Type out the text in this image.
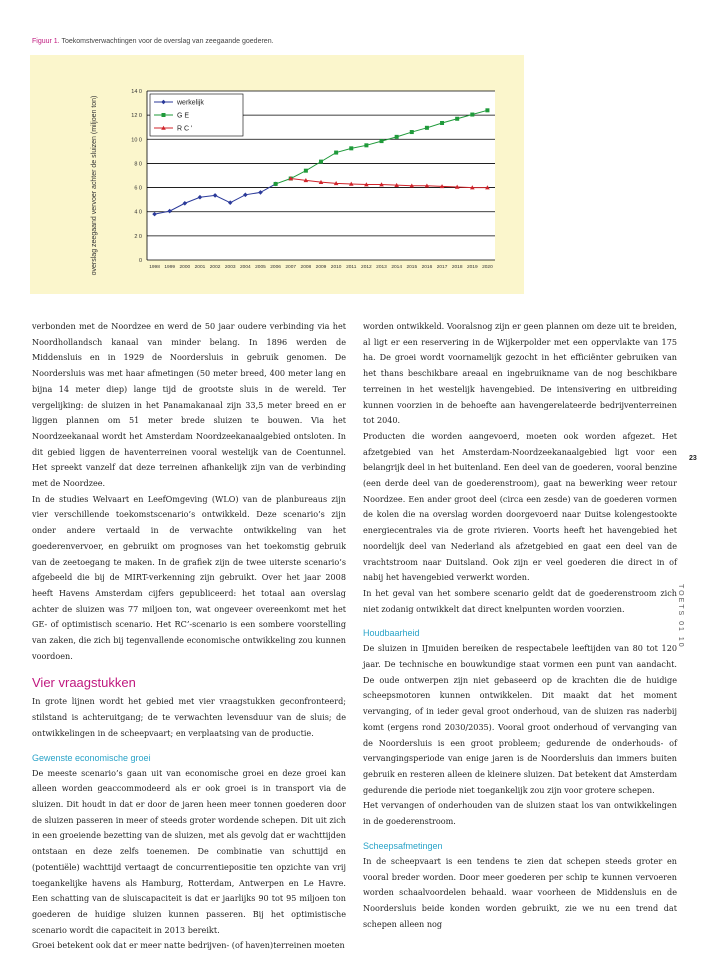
Figuur 1. Toekomstverwachtingen voor de overslag van zeegaande goederen.
0
2 0
4 0
6 0
8 0
10 0
12 0
14 0
1998 1999 2000 2001 2002 2003 2004 2005 2006 2007 2008 2009 2010 2011 2012 2013 2014 2015 2016 2017 2018 2019 2020
overslag zeegaand vervoer achter de sluizen (miljoen ton)	werkelijk
G E
R C '

verbonden met de Noordzee en werd de 50 jaar oudere verbinding via het Noordhollandsch kanaal van minder belang. In 1896 werden de Middensluis en in 1929 de Noordersluis in gebruik genomen. De Noordersluis was met haar afmetingen (50 meter breed, 400 meter lang en bijna 14 meter diep) lange tijd de grootste sluis in de wereld. Ter vergelijking: de sluizen in het Panamakanaal zijn 33,5 meter breed en er liggen plannen om 51 meter brede sluizen te bouwen. Via het Noordzeekanaal wordt het Amsterdam Noordzeekanaalgebied ontsloten. In dit gebied liggen de haventerreinen vooral westelijk van de Coentunnel. Het spreekt vanzelf dat deze terreinen afhankelijk zijn van de verbinding met de Noordzee.

In de studies Welvaart en LeefOmgeving (WLO) van de planbureaus zijn vier verschillende toekomstscenario’s ontwikkeld. Deze scenario’s zijn onder andere vertaald in de verwachte ontwikkeling van het goederenvervoer, en gebruikt om prognoses van het toekomstig gebruik van de zeetoegang te maken. In de grafiek zijn de twee uiterste scenario’s afgebeeld die bij de MIRT-verkenning zijn gebruikt. Over het jaar 2008 heeft Havens Amsterdam cijfers gepubliceerd: het totaal aan overslag achter de sluizen was 77 miljoen ton, wat ongeveer overeenkomt met het GE- of optimistisch scenario. Het RC’-scenario is een sombere voorstelling van zaken, die zich bij tegenvallende economische ontwikkeling zou kunnen voordoen.

Vier vraagstukken

In grote lijnen wordt het gebied met vier vraagstukken geconfronteerd; stilstand is achteruitgang; de te verwachten levensduur van de sluis; de ontwikkelingen in de scheepvaart; en verplaatsing van de productie.

Gewenste economische groei

De meeste scenario’s gaan uit van economische groei en deze groei kan alleen worden geaccommodeerd als er ook groei is in transport via de sluizen. Dit houdt in dat er door de jaren heen meer tonnen goederen door de sluizen passeren in meer of steeds groter wordende schepen. Dit uit zich in een groeiende bezetting van de sluizen, met als gevolg dat er wachttijden ontstaan en deze zelfs toenemen. De combinatie van schuttijd en (potentiële) wachttijd vertaagt de concurrentiepositie ten opzichte van vrij toegankelijke havens als Hamburg, Rotterdam, Antwerpen en Le Havre. Een schatting van de sluiscapaciteit is dat er jaarlijks 90 tot 95 miljoen ton goederen de huidige sluizen kunnen passeren. Bij het optimistische scenario wordt die capaciteit in 2013 bereikt.

Groei betekent ook dat er meer natte bedrijven- (of haven)terreinen moeten

worden ontwikkeld. Vooralsnog zijn er geen plannen om deze uit te breiden, al ligt er een reservering in de Wijkerpolder met een oppervlakte van 175 ha. De groei wordt voornamelijk gezocht in het efficiënter gebruiken van het thans beschikbare areaal en ingebruikname van de nog beschikbare terreinen in het westelijk havengebied. De intensivering en uitbreiding kunnen voorzien in de behoefte aan havengerelateerde bedrijventerreinen tot 2040.

Producten die worden aangevoerd, moeten ook worden afgezet. Het afzetgebied van het Amsterdam-Noordzeekanaalgebied ligt voor een belangrijk deel in het buitenland. Een deel van de goederen, vooral benzine (een derde deel van de goederenstroom), gaat na bewerking weer retour Noordzee. Een ander groot deel (circa een zesde) van de goederen vormen de kolen die na overslag worden doorgevoerd naar Duitse kolengestookte energiecentrales via de grote rivieren. Voorts heeft het havengebied het noordelijk deel van Nederland als afzetgebied en gaat een deel van de vrachtstroom naar Duitsland. Ook zijn er veel goederen die direct in of nabij het havengebied verwerkt worden.

In het geval van het sombere scenario geldt dat de goederenstroom zich niet zodanig ontwikkelt dat direct knelpunten worden voorzien.

Houdbaarheid

De sluizen in IJmuiden bereiken de respectabele leeftijden van 80 tot 120 jaar. De technische en bouwkundige staat vormen een punt van aandacht. De oude ontwerpen zijn niet gebaseerd op de krachten die de huidige scheepsmotoren kunnen ontwikkelen. Dit maakt dat het moment vervanging, of in ieder geval groot onderhoud, van de sluizen ras naderbij komt (ergens rond 2030/2035). Vooral groot onderhoud of vervanging van de Noordersluis is een groot probleem; gedurende de onderhouds- of vervangingsperiode van enige jaren is de Noordersluis dan immers buiten gebruik en resteren alleen de kleinere sluizen. Dat betekent dat Amsterdam gedurende die periode niet toegankelijk zou zijn voor grotere schepen.

Het vervangen of onderhouden van de sluizen staat los van ontwikkelingen in de goederenstroom.

Scheepsafmetingen

In de scheepvaart is een tendens te zien dat schepen steeds groter en vooral breder worden. Door meer goederen per schip te kunnen vervoeren worden schaalvoordelen behaald. waar voorheen de Middensluis en de Noordersluis beide konden worden gebruikt, zie we nu een trend dat schepen alleen nog

23
TOETS 01 10
